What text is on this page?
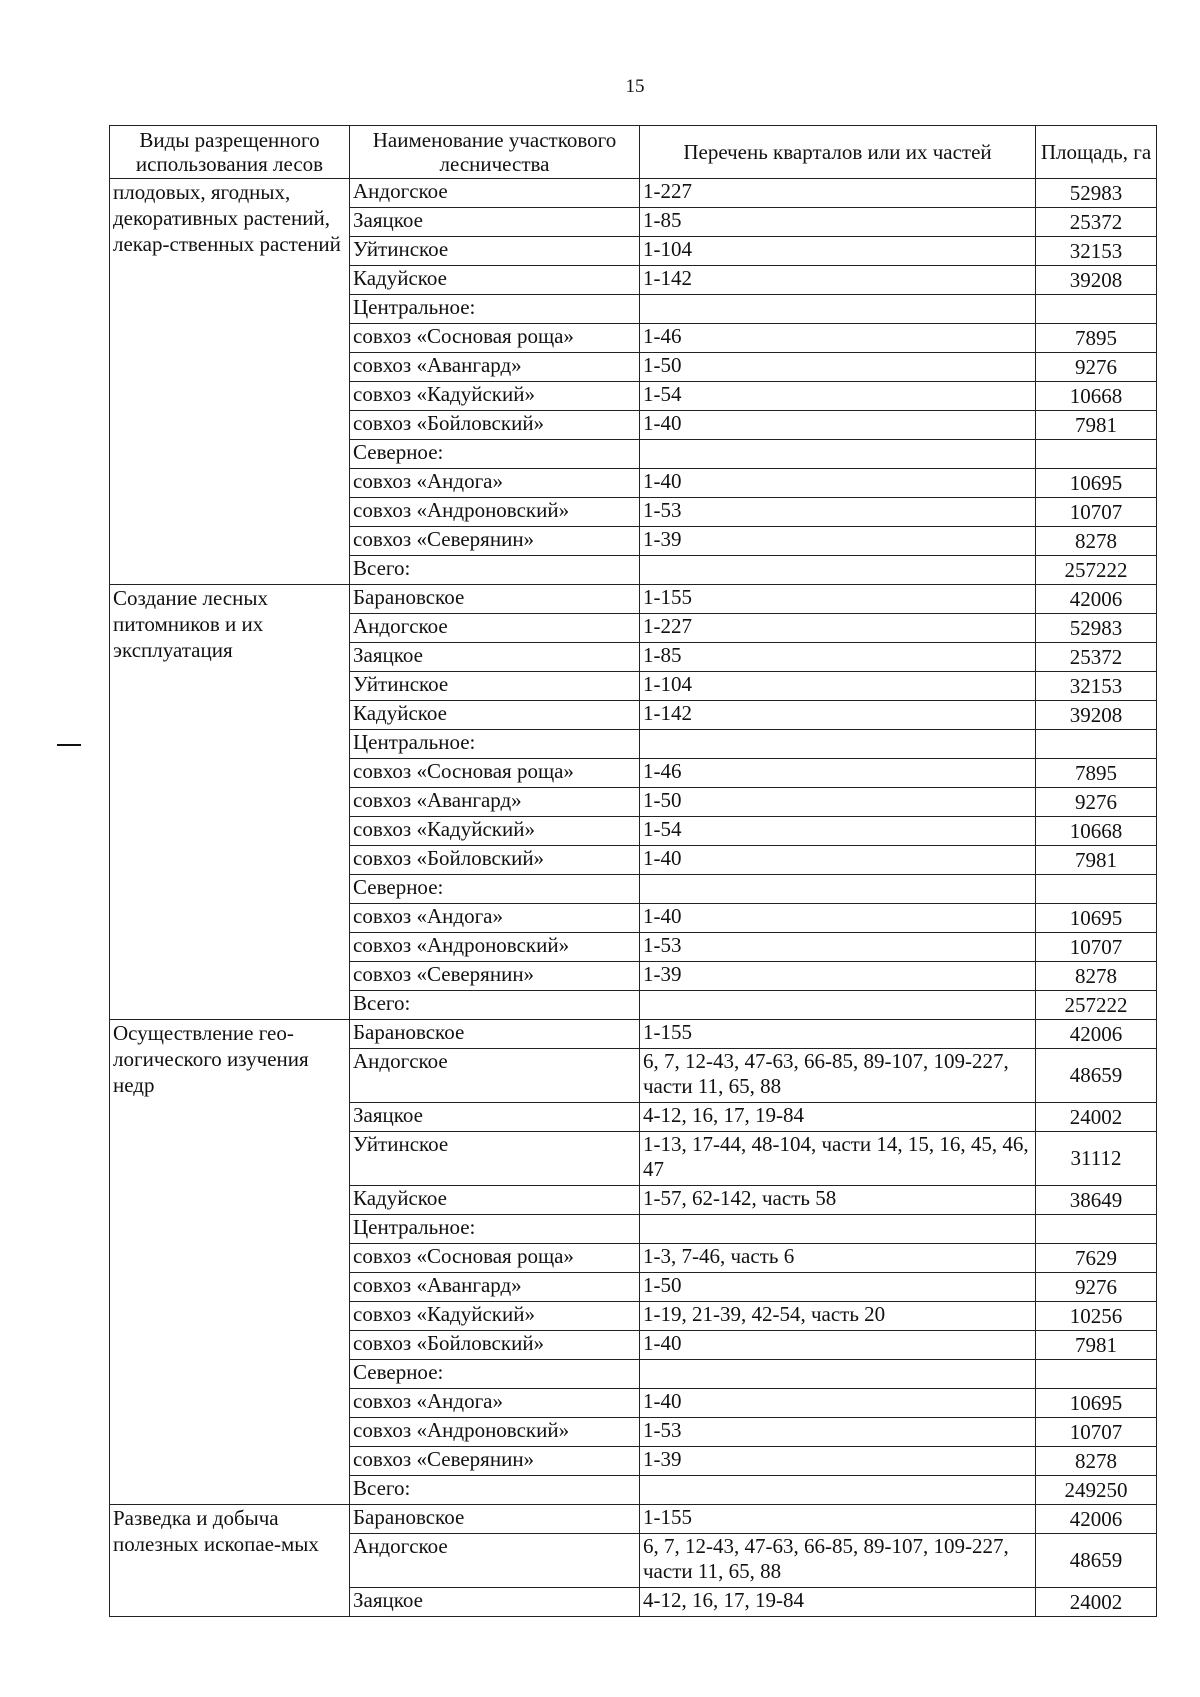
15
Виды разрещенного использования лесов	Наименование участкового лесничества	Перечень кварталов или их частей	Площадь, га
плодовых, ягодных, декоративных растений, лекар-ственных растений	Андогское	1-227	52983
	Заяцкое	1-85	25372
	Уйтинское	1-104	32153
	Кадуйское	1-142	39208
	Центральное:		
	совхоз «Сосновая роща»	1-46	7895
	совхоз «Авангард»	1-50	9276
	совхоз «Кадуйский»	1-54	10668
	совхоз «Бойловский»	1-40	7981
	Северное:		
	совхоз «Андога»	1-40	10695
	совхоз «Андроновский»	1-53	10707
	совхоз «Северянин»	1-39	8278
	Всего:		257222
Создание лесных питомников и их эксплуатация	Барановское	1-155	42006
	Андогское	1-227	52983
	Заяцкое	1-85	25372
	Уйтинское	1-104	32153
	Кадуйское	1-142	39208
	Центральное:		
	совхоз «Сосновая роща»	1-46	7895
	совхоз «Авангард»	1-50	9276
	совхоз «Кадуйский»	1-54	10668
	совхоз «Бойловский»	1-40	7981
	Северное:		
	совхоз «Андога»	1-40	10695
	совхоз «Андроновский»	1-53	10707
	совхоз «Северянин»	1-39	8278
	Всего:		257222
Осуществление гео-логического изучения недр	Барановское	1-155	42006
	Андогское	6, 7, 12-43, 47-63, 66-85, 89-107, 109-227, части 11, 65, 88	48659
	Заяцкое	4-12, 16, 17, 19-84	24002
	Уйтинское	1-13, 17-44, 48-104, части 14, 15, 16, 45, 46, 47	31112
	Кадуйское	1-57, 62-142, часть 58	38649
	Центральное:		
	совхоз «Сосновая роща»	1-3, 7-46, часть 6	7629
	совхоз «Авангард»	1-50	9276
	совхоз «Кадуйский»	1-19, 21-39, 42-54, часть 20	10256
	совхоз «Бойловский»	1-40	7981
	Северное:		
	совхоз «Андога»	1-40	10695
	совхоз «Андроновский»	1-53	10707
	совхоз «Северянин»	1-39	8278
	Всего:		249250
Разведка и добыча полезных ископае-мых	Барановское	1-155	42006
	Андогское	6, 7, 12-43, 47-63, 66-85, 89-107, 109-227, части 11, 65, 88	48659
	Заяцкое	4-12, 16, 17, 19-84	24002
